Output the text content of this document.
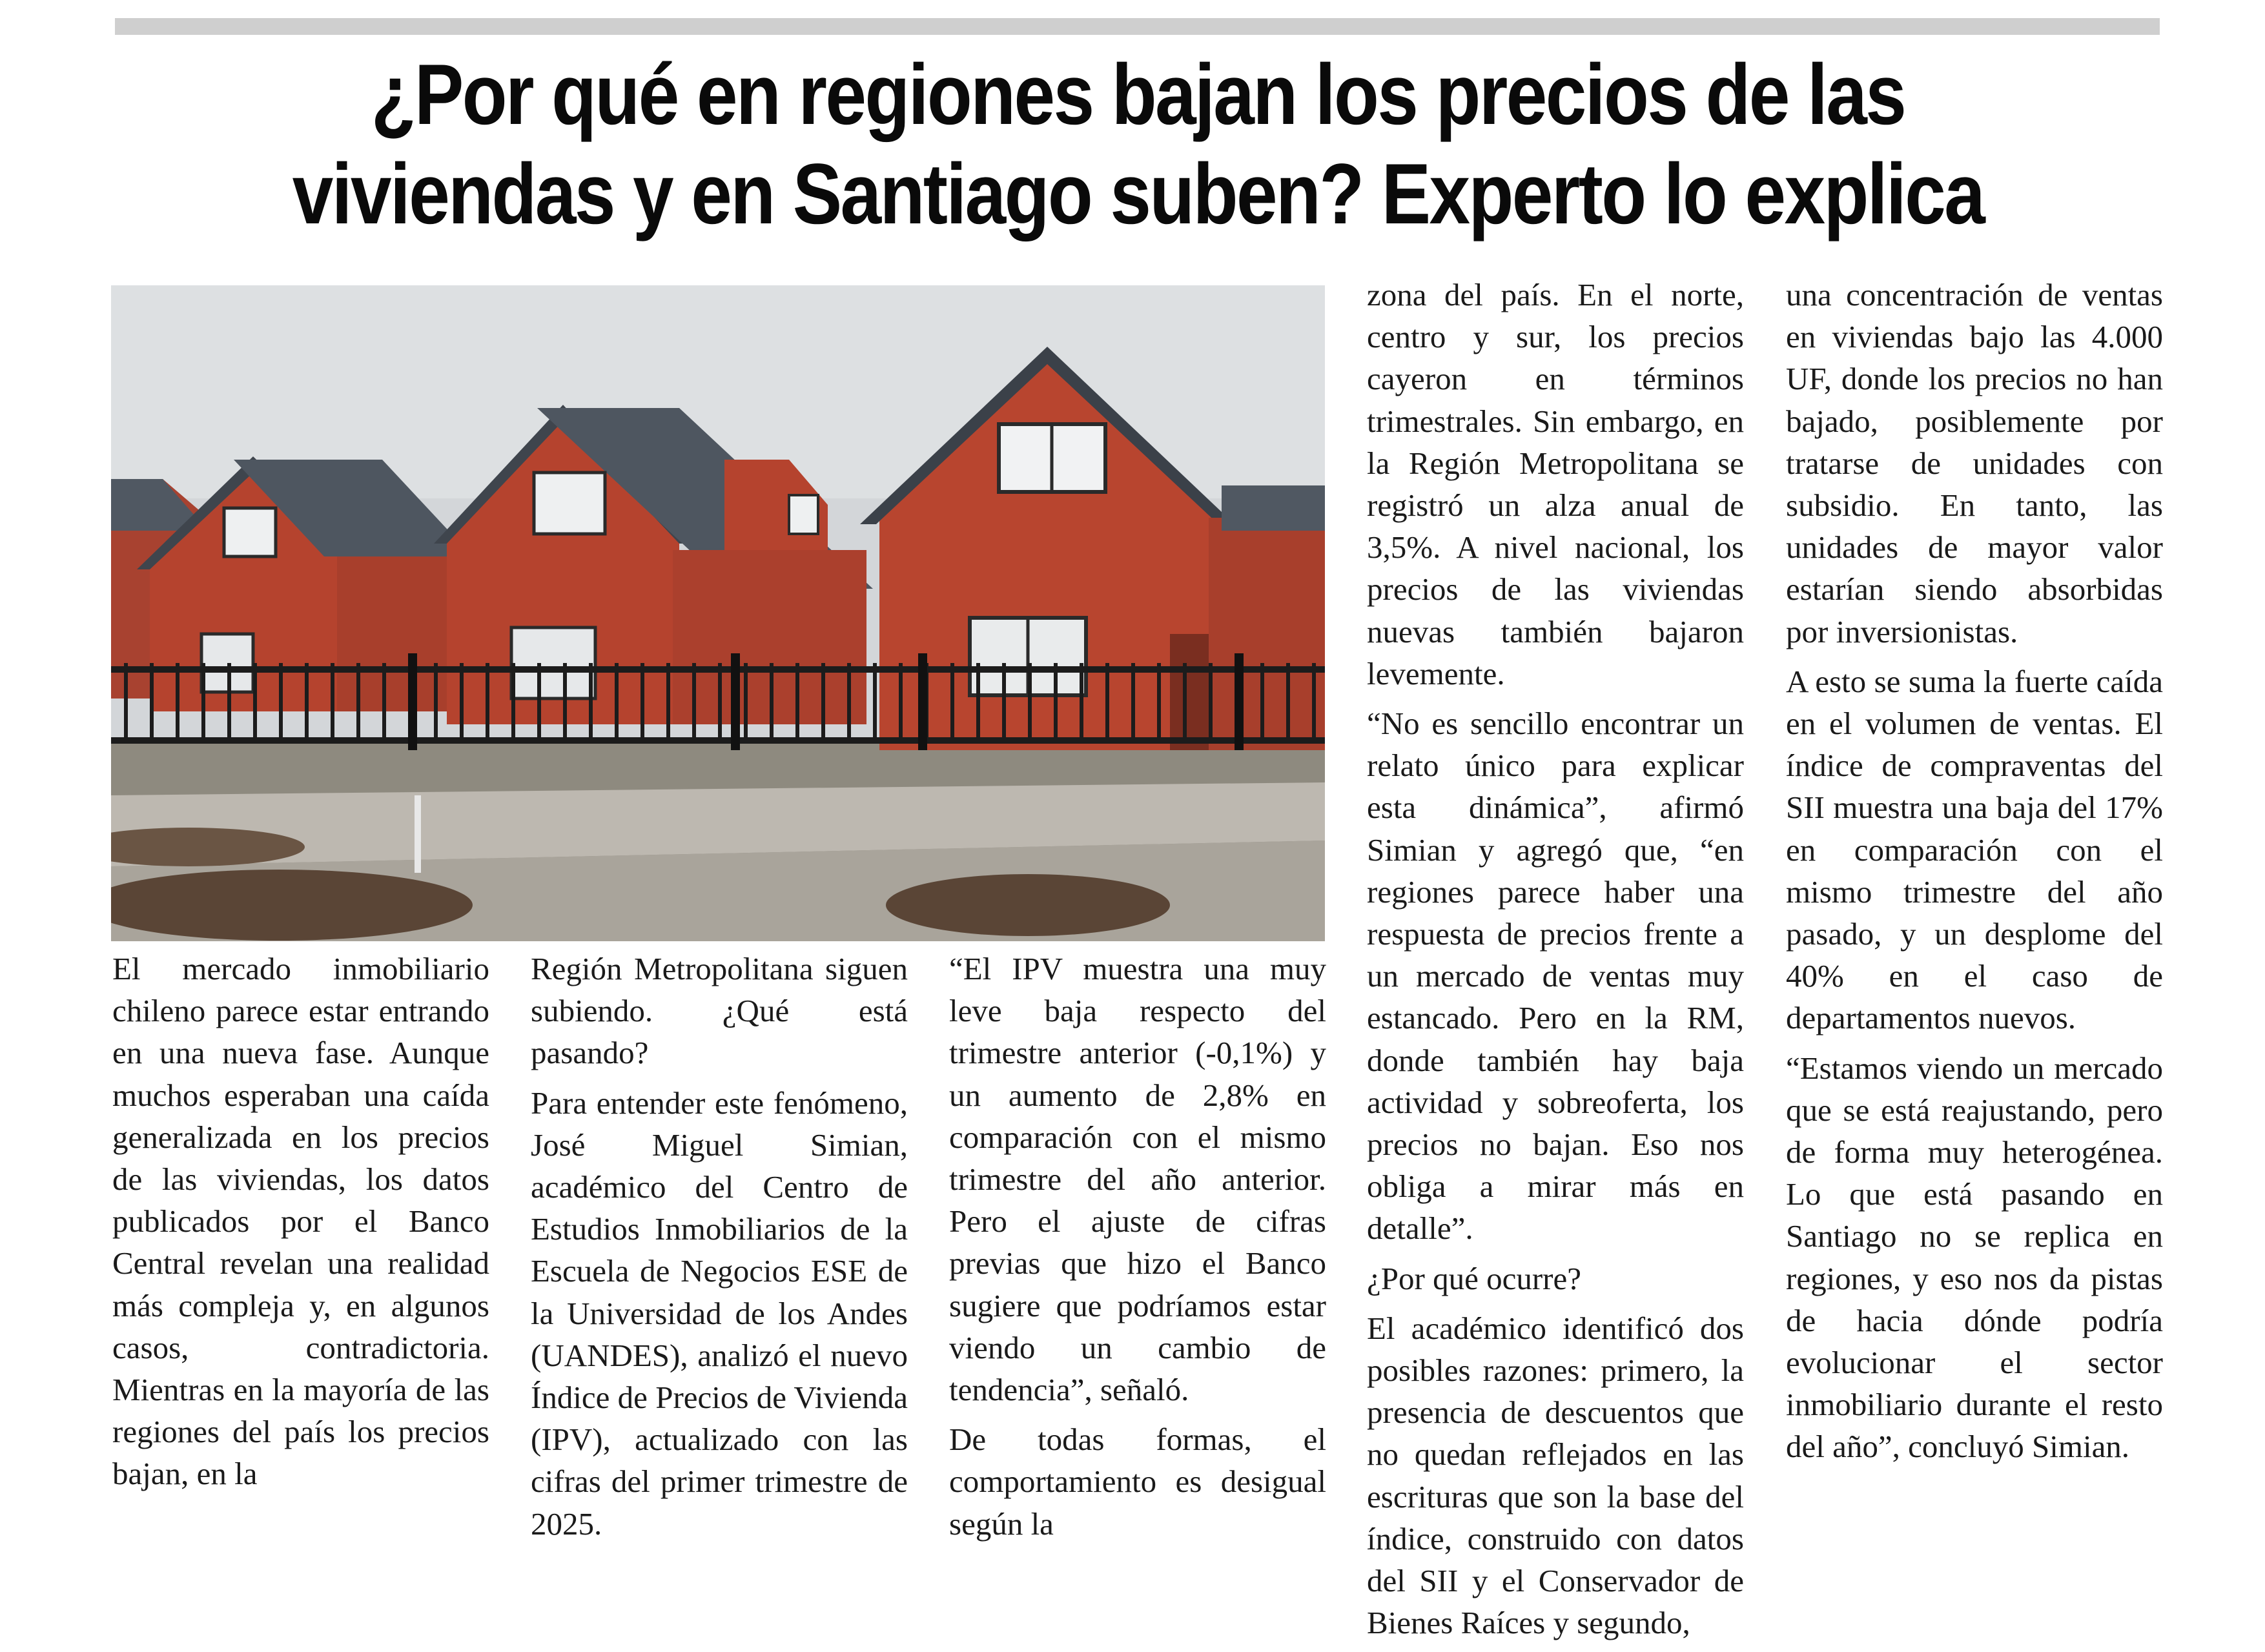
¿Por qué en regiones bajan los precios de las viviendas y en Santiago suben? Experto lo explica

El mercado inmobiliario chileno parece estar entrando en una nueva fase. Aunque muchos esperaban una caída generalizada en los precios de las viviendas, los datos publicados por el Banco Central revelan una realidad más compleja y, en algunos casos, contradictoria. Mientras en la mayoría de las regiones del país los precios bajan, en la

Región Metropolitana siguen subiendo. ¿Qué está pasando?

Para entender este fenómeno, José Miguel Simian, académico del Centro de Estudios Inmobiliarios de la Escuela de Negocios ESE de la Universidad de los Andes (UANDES), analizó el nuevo Índice de Precios de Vivienda (IPV), actualizado con las cifras del primer trimestre de 2025.

“El IPV muestra una muy leve baja respecto del trimestre anterior (-0,1%) y un aumento de 2,8% en comparación con el mismo trimestre del año anterior. Pero el ajuste de cifras previas que hizo el Banco sugiere que podríamos estar viendo un cambio de tendencia”, señaló.

De todas formas, el comportamiento es desigual según la

zona del país. En el norte, centro y sur, los precios cayeron en términos trimestrales. Sin embargo, en la Región Metropolitana se registró un alza anual de 3,5%. A nivel nacional, los precios de las viviendas nuevas también bajaron levemente.

“No es sencillo encontrar un relato único para explicar esta dinámica”, afirmó Simian y agregó que, “en regiones parece haber una respuesta de precios frente a un mercado de ventas muy estancado. Pero en la RM, donde también hay baja actividad y sobreoferta, los precios no bajan. Eso nos obliga a mirar más en detalle”.

¿Por qué ocurre?

El académico identificó dos posibles razones: primero, la presencia de descuentos que no quedan reflejados en las escrituras que son la base del índice, construido con datos del SII y el Conservador de Bienes Raíces y segundo,

una concentración de ventas en viviendas bajo las 4.000 UF, donde los precios no han bajado, posiblemente por tratarse de unidades con subsidio. En tanto, las unidades de mayor valor estarían siendo absorbidas por inversionistas.

A esto se suma la fuerte caída en el volumen de ventas. El índice de compraventas del SII muestra una baja del 17% en comparación con el mismo trimestre del año pasado, y un desplome del 40% en el caso de departamentos nuevos.

“Estamos viendo un mercado que se está reajustando, pero de forma muy heterogénea. Lo que está pasando en Santiago no se replica en regiones, y eso nos da pistas de hacia dónde podría evolucionar el sector inmobiliario durante el resto del año”, concluyó Simian.
